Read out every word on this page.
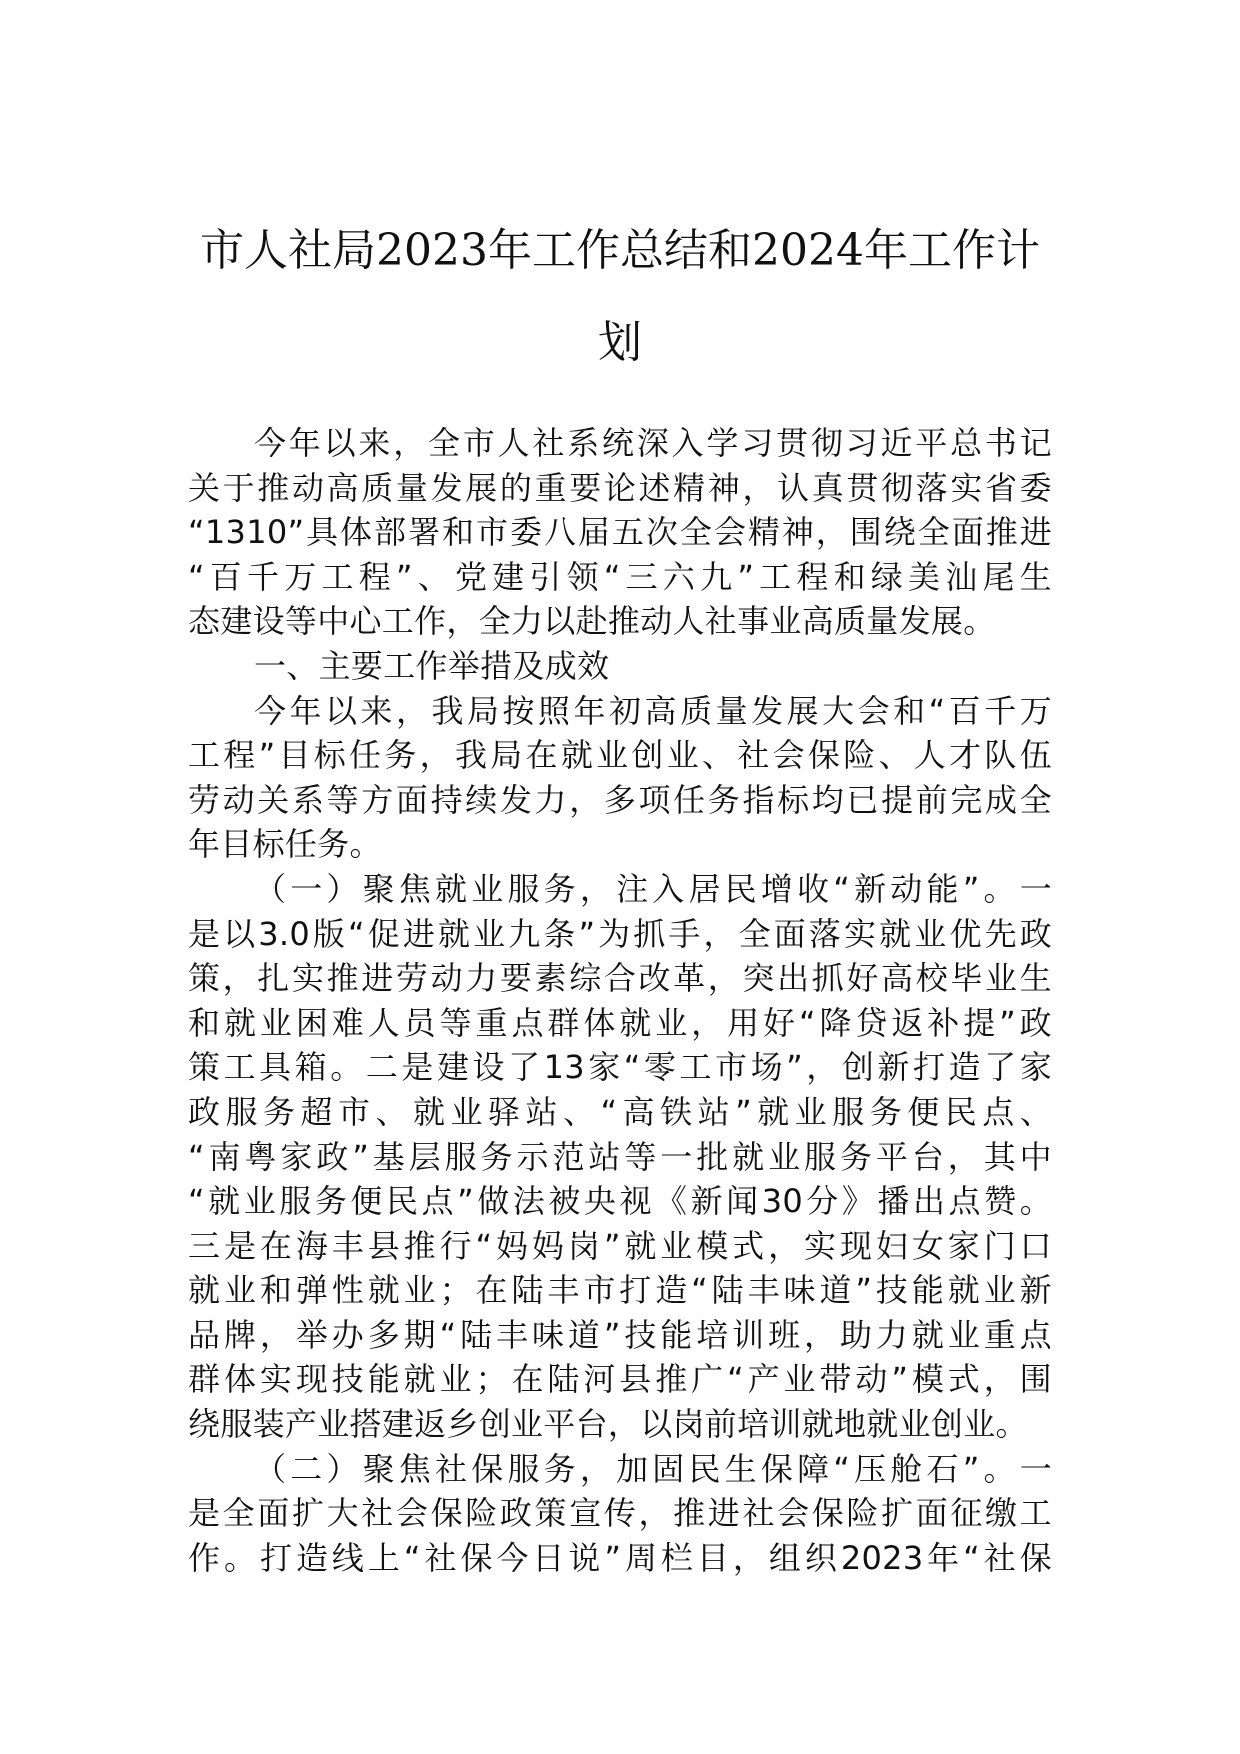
市人社局2023年工作总结和2024年工作计
划
今年以来，全市人社系统深入学习贯彻习近平总书记
关于推动高质量发展的重要论述精神，认真贯彻落实省委
“1310”具体部署和市委八届五次全会精神，围绕全面推进
“百千万工程”、党建引领“三六九”工程和绿美汕尾生
态建设等中心工作，全力以赴推动人社事业高质量发展。
一、主要工作举措及成效
今年以来，我局按照年初高质量发展大会和“百千万
工程”目标任务，我局在就业创业、社会保险、人才队伍
劳动关系等方面持续发力，多项任务指标均已提前完成全
年目标任务。
（一）聚焦就业服务，注入居民增收“新动能”。一
是以3.0版“促进就业九条”为抓手，全面落实就业优先政
策，扎实推进劳动力要素综合改革，突出抓好高校毕业生
和就业困难人员等重点群体就业，用好“降贷返补提”政
策工具箱。二是建设了13家“零工市场”，创新打造了家
政服务超市、就业驿站、“高铁站”就业服务便民点、
“南粤家政”基层服务示范站等一批就业服务平台，其中
“就业服务便民点”做法被央视《新闻30分》播出点赞。
三是在海丰县推行“妈妈岗”就业模式，实现妇女家门口
就业和弹性就业；在陆丰市打造“陆丰味道”技能就业新
品牌，举办多期“陆丰味道”技能培训班，助力就业重点
群体实现技能就业；在陆河县推广“产业带动”模式，围
绕服装产业搭建返乡创业平台，以岗前培训就地就业创业。
（二）聚焦社保服务，加固民生保障“压舱石”。一
是全面扩大社会保险政策宣传，推进社会保险扩面征缴工
作。打造线上“社保今日说”周栏目，组织2023年“社保
